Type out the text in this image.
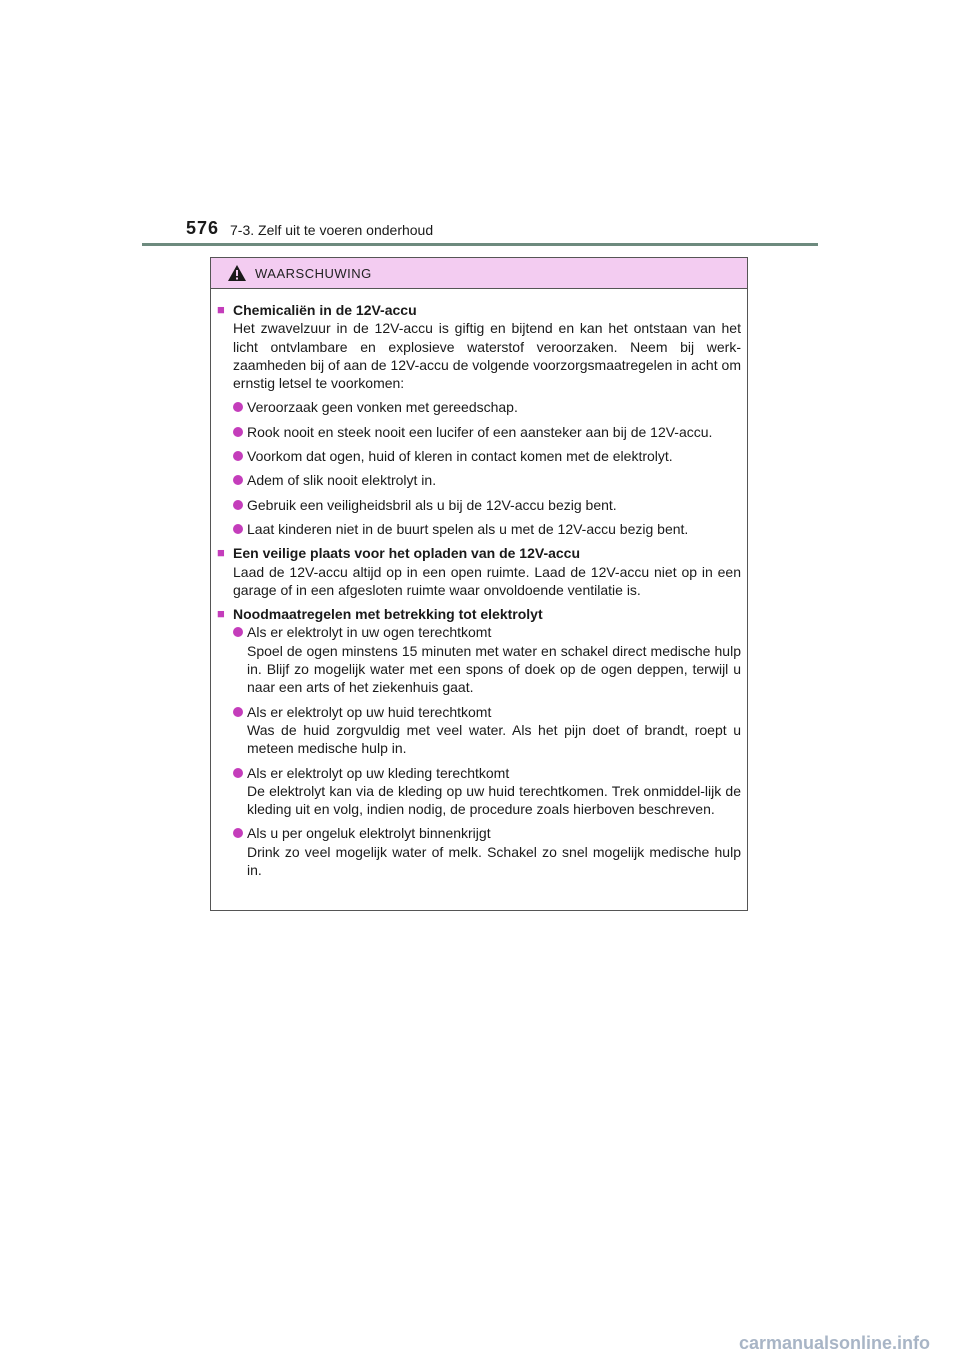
576 7-3. Zelf uit te voeren onderhoud
WAARSCHUWING
■ Chemicaliën in de 12V-accu
Het zwavelzuur in de 12V-accu is giftig en bijtend en kan het ontstaan van het licht ontvlambare en explosieve waterstof veroorzaken. Neem bij werk-zaamheden bij of aan de 12V-accu de volgende voorzorgsmaatregelen in acht om ernstig letsel te voorkomen:
Veroorzaak geen vonken met gereedschap.
Rook nooit en steek nooit een lucifer of een aansteker aan bij de 12V-accu.
Voorkom dat ogen, huid of kleren in contact komen met de elektrolyt.
Adem of slik nooit elektrolyt in.
Gebruik een veiligheidsbril als u bij de 12V-accu bezig bent.
Laat kinderen niet in de buurt spelen als u met de 12V-accu bezig bent.
■ Een veilige plaats voor het opladen van de 12V-accu
Laad de 12V-accu altijd op in een open ruimte. Laad de 12V-accu niet op in een garage of in een afgesloten ruimte waar onvoldoende ventilatie is.
■ Noodmaatregelen met betrekking tot elektrolyt
Als er elektrolyt in uw ogen terechtkomt
Spoel de ogen minstens 15 minuten met water en schakel direct medische hulp in. Blijf zo mogelijk water met een spons of doek op de ogen deppen, terwijl u naar een arts of het ziekenhuis gaat.
Als er elektrolyt op uw huid terechtkomt
Was de huid zorgvuldig met veel water. Als het pijn doet of brandt, roept u meteen medische hulp in.
Als er elektrolyt op uw kleding terechtkomt
De elektrolyt kan via de kleding op uw huid terechtkomen. Trek onmiddel-lijk de kleding uit en volg, indien nodig, de procedure zoals hierboven beschreven.
Als u per ongeluk elektrolyt binnenkrijgt
Drink zo veel mogelijk water of melk. Schakel zo snel mogelijk medische hulp in.
carmanualsonline.info
